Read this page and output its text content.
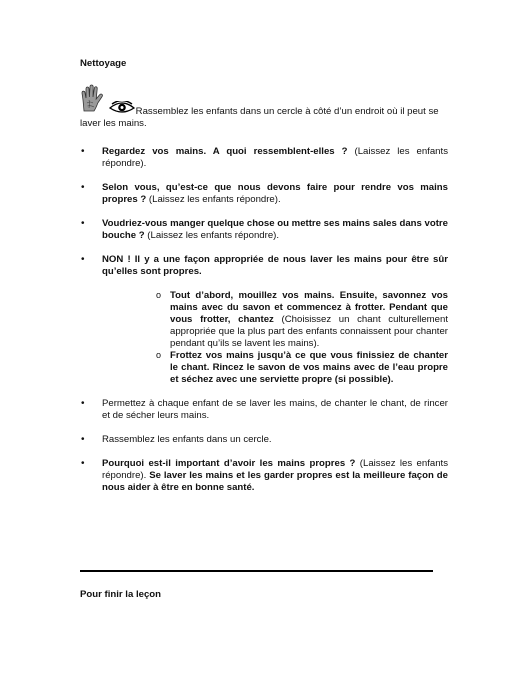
Nettoyage
Rassemblez les enfants dans un cercle à côté d’un endroit où il peut se laver les mains.
• Regardez vos mains. A quoi ressemblent-elles ? (Laissez les enfants répondre).
• Selon vous, qu’est-ce que nous devons faire pour rendre vos mains propres ? (Laissez les enfants répondre).
• Voudriez-vous manger quelque chose ou mettre ses mains sales dans votre bouche ? (Laissez les enfants répondre).
• NON ! Il y a une façon appropriée de nous laver les mains pour être sûr qu’elles sont propres.
o Tout d’abord, mouillez vos mains. Ensuite, savonnez vos mains avec du savon et commencez à frotter. Pendant que vous frotter, chantez (Choisissez un chant culturellement appropriée que la plus part des enfants connaissent pour chanter pendant qu’ils se lavent les mains).
o Frottez vos mains jusqu’à ce que vous finissiez de chanter le chant. Rincez le savon de vos mains avec de l’eau propre et séchez avec une serviette propre (si possible).
• Permettez à chaque enfant de se laver les mains, de chanter le chant, de rincer et de sécher leurs mains.
• Rassemblez les enfants dans un cercle.
• Pourquoi est-il important d’avoir les mains propres ? (Laissez les enfants répondre). Se laver les mains et les garder propres est la meilleure façon de nous aider à être en bonne santé.
Pour finir la leçon
